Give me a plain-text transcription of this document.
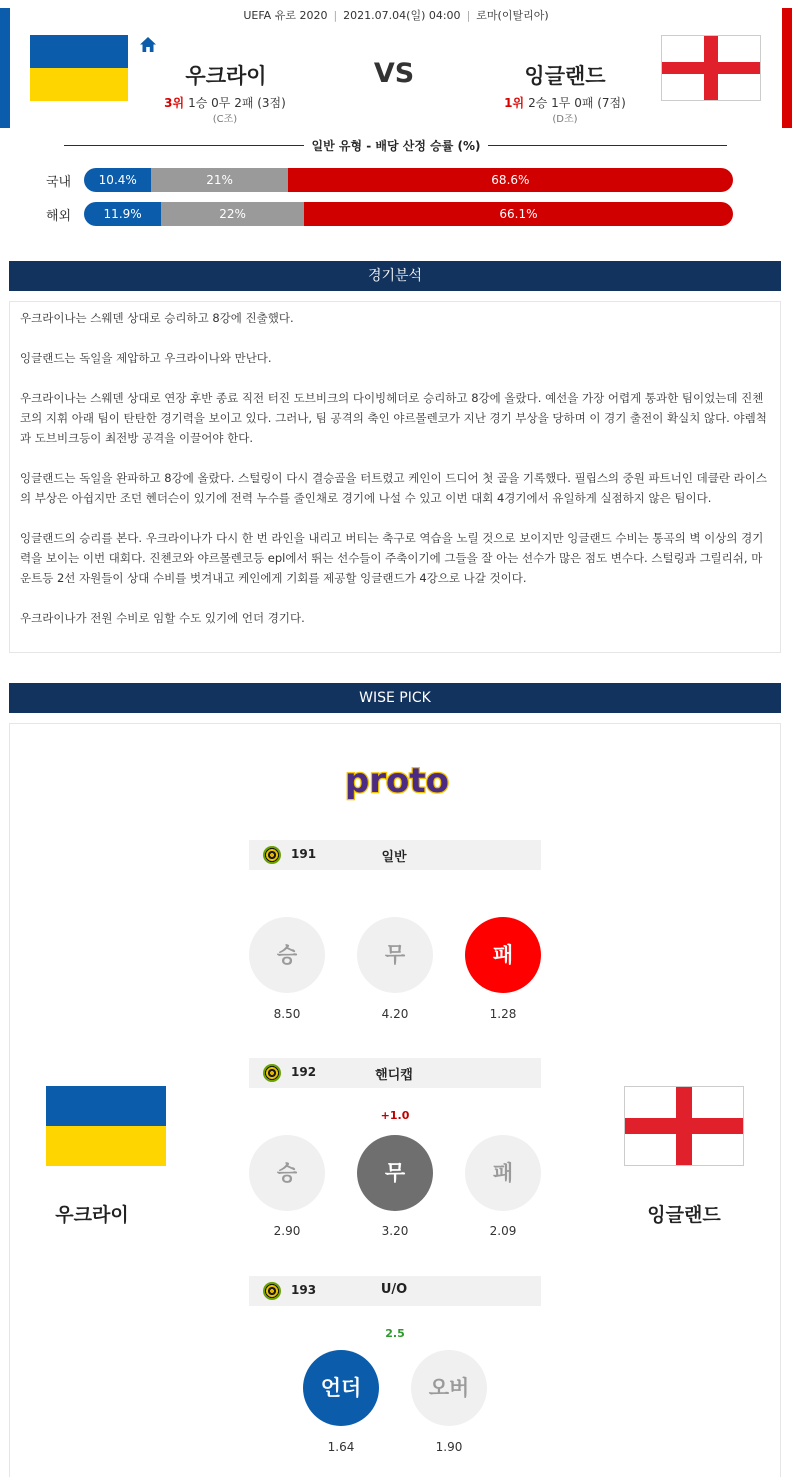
UEFA 유로 2020 | 2021.07.04(일) 04:00 | 로마(이탈리아)
우크라이	VS	잉글랜드
3위 1승 0무 2패 (3점)
(C조)
1위 2승 1무 0패 (7점)
(D조)
일반 유형 - 배당 산정 승률 (%)
국내	10.4%	21%	68.6%
해외	11.9%	22%	66.1%
경기분석

우크라이나는 스웨덴 상대로 승리하고 8강에 진출했다.

잉글랜드는 독일을 제압하고 우크라이나와 만난다.

우크라이나는 스웨덴 상대로 연장 후반 종료 직전 터진 도브비크의 다이빙헤더로 승리하고 8강에 올랐다. 예선을 가장 어렵게 통과한 팀이었는데 진첸코의 지휘 아래 팀이 탄탄한 경기력을 보이고 있다. 그러나, 팀 공격의 축인 야르몰렌코가 지난 경기 부상을 당하며 이 경기 출전이 확실치 않다. 야렘척과 도브비크등이 최전방 공격을 이끌어야 한다.

잉글랜드는 독일을 완파하고 8강에 올랐다. 스털링이 다시 결승골을 터트렸고 케인이 드디어 첫 골을 기록했다. 필립스의 중원 파트너인 데클란 라이스의 부상은 아쉽지만 조던 헨더슨이 있기에 전력 누수를 줄인채로 경기에 나설 수 있고 이번 대회 4경기에서 유일하게 실점하지 않은 팀이다.

잉글랜드의 승리를 본다. 우크라이나가 다시 한 번 라인을 내리고 버티는 축구로 역습을 노릴 것으로 보이지만 잉글랜드 수비는 통곡의 벽 이상의 경기력을 보이는 이번 대회다. 진첸코와 야르몰렌코등 epl에서 뛰는 선수들이 주축이기에 그들을 잘 아는 선수가 많은 점도 변수다. 스털링과 그릴리쉬, 마운트등 2선 자원들이 상대 수비를 벗겨내고 케인에게 기회를 제공할 잉글랜드가 4강으로 나갈 것이다.

우크라이나가 전원 수비로 임할 수도 있기에 언더 경기다.

WISE PICK
proto
우크라이	잉글랜드
191	일반
승	무	패
8.50	4.20	1.28
192	핸디캡
+1.0
승	무	패
2.90	3.20	2.09
193	U/O
2.5
언더	오버
1.64	1.90
